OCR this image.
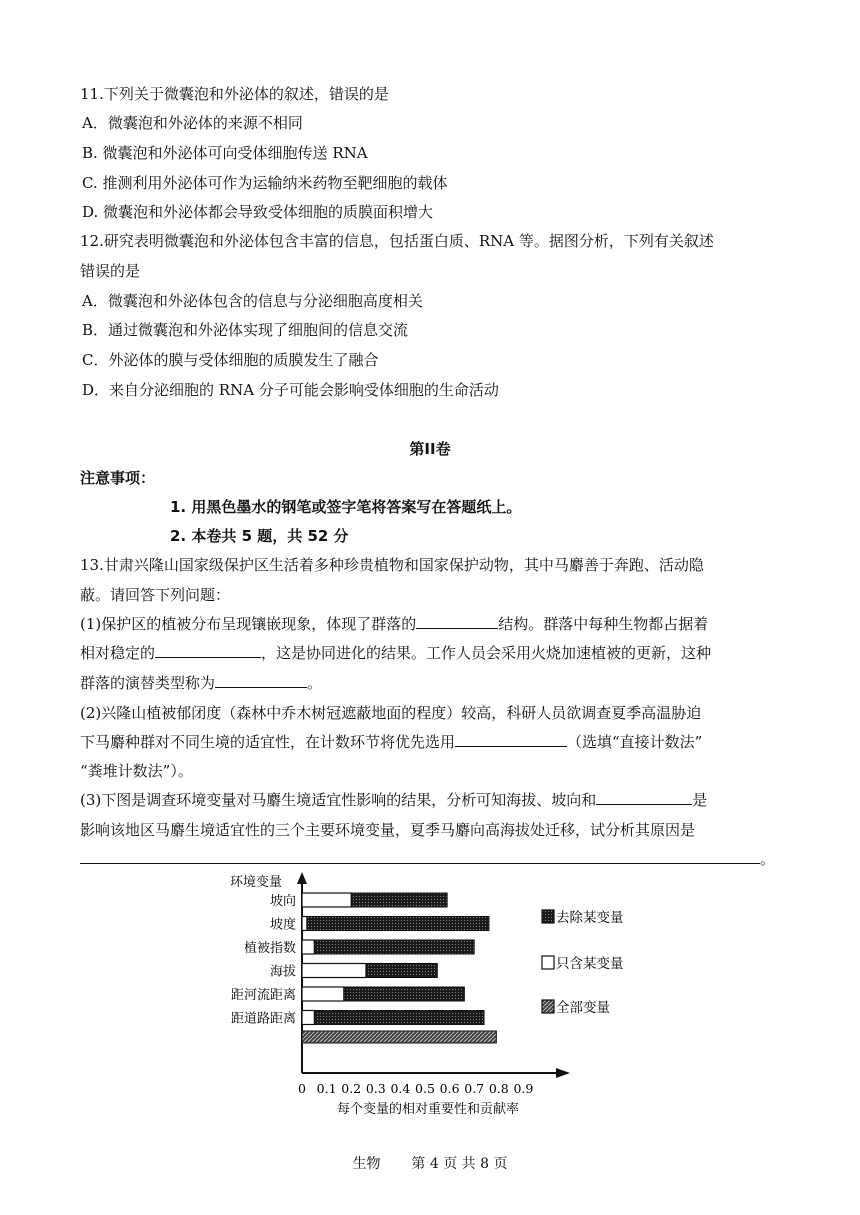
11.下列关于微囊泡和外泌体的叙述，错误的是
A．微囊泡和外泌体的来源不相同
B. 微囊泡和外泌体可向受体细胞传送 RNA
C. 推测利用外泌体可作为运输纳米药物至靶细胞的载体
D. 微囊泡和外泌体都会导致受体细胞的质膜面积增大
12.研究表明微囊泡和外泌体包含丰富的信息，包括蛋白质、RNA 等。据图分析，下列有关叙述
错误的是
A．微囊泡和外泌体包含的信息与分泌细胞高度相关
B．通过微囊泡和外泌体实现了细胞间的信息交流
C．外泌体的膜与受体细胞的质膜发生了融合
D．来自分泌细胞的 RNA 分子可能会影响受体细胞的生命活动
第II卷
注意事项：
1. 用黑色墨水的钢笔或签字笔将答案写在答题纸上。
2. 本卷共 5 题，共 52 分
13.甘肃兴隆山国家级保护区生活着多种珍贵植物和国家保护动物，其中马麝善于奔跑、活动隐
蔽。请回答下列问题：
(1)保护区的植被分布呈现镶嵌现象，体现了群落的	结构。群落中每种生物都占据着
相对稳定的	，这是协同进化的结果。工作人员会采用火烧加速植被的更新，这种
群落的演替类型称为	。
(2)兴隆山植被郁闭度（森林中乔木树冠遮蔽地面的程度）较高，科研人员欲调查夏季高温胁迫
下马麝种群对不同生境的适宜性，在计数环节将优先选用	（选填“直接计数法”
“粪堆计数法”）。
(3)下图是调查环境变量对马麝生境适宜性影响的结果，分析可知海拔、坡向和	是
影响该地区马麝生境适宜性的三个主要环境变量，夏季马麝向高海拔处迁移，试分析其原因是
。
环境变量
坡向
坡度
植被指数
海拔
距河流距离
距道路距离
0 0.1 0.2 0.3 0.4 0.5 0.6 0.7 0.8 0.9
每个变量的相对重要性和贡献率
去除某变量
只含某变量
全部变量
生物 第 4 页 共 8 页
